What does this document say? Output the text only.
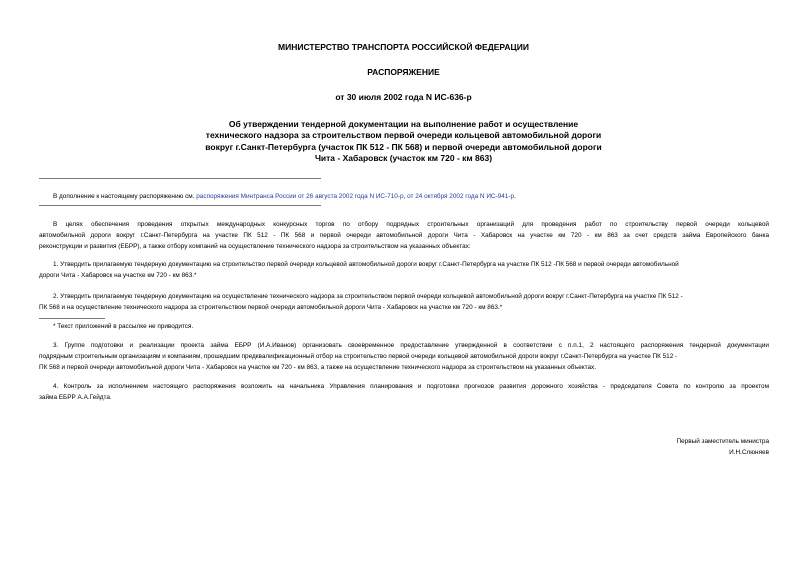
МИНИСТЕРСТВО ТРАНСПОРТА РОССИЙСКОЙ ФЕДЕРАЦИИ
РАСПОРЯЖЕНИЕ
от 30 июля 2002 года N ИС-636-р
Об утверждении тендерной документации на выполнение работ и осуществление
технического надзора за строительством первой очереди кольцевой автомобильной дороги
вокруг г.Санкт-Петербурга (участок ПК 512 - ПК 568) и первой очереди автомобильной дороги
Чита - Хабаровск (участок км 720 - км 863)
В дополнение к настоящему распоряжению см. распоряжения Минтранса России от 26 августа 2002 года N ИС-710-р, от 24 октября 2002 года N ИС-941-р.
В целях обеспечения проведения открытых международных конкурсных торгов по отбору подрядных строительных организаций для проведения работ по строительству первой очереди кольцевой
автомобильной дороги вокруг г.Санкт-Петербурга на участке ПК 512 - ПК 568 и первой очереди автомобильной дороги Чита - Хабаровск на участке км 720 - км 863 за счет средств займа Европейского банка
реконструкции и развития (ЕБРР), а также отбору компаний на осуществление технического надзора за строительством на указанных объектах:
1. Утвердить прилагаемую тендерную документацию на строительство первой очереди кольцевой автомобильной дороги вокруг г.Санкт-Петербурга на участке ПК 512 -ПК 568 и первой очереди автомобильной
дороги Чита - Хабаровск на участке км 720 - км 863.*
2. Утвердить прилагаемую тендерную документацию на осуществление технического надзора за строительством первой очереди кольцевой автомобильной дороги вокруг г.Санкт-Петербурга на участке ПК 512 -
ПК 568 и на осуществление технического надзора за строительством первой очереди автомобильной дороги Чита - Хабаровск на участке км 720 - км 863.*
* Текст приложений в рассылке не приводится.
3. Группе подготовки и реализации проекта займа ЕБРР (И.А.Иванов) организовать своевременное предоставление утвержденной в соответствии с п.п.1, 2 настоящего распоряжения тендерной документации
подрядным строительным организациям и компаниям, прошедшим предквалификационный отбор на строительство первой очереди кольцевой автомобильной дороги вокруг г.Санкт-Петербурга на участке ПК 512 -
ПК 568 и первой очереди автомобильной дороги Чита - Хабаровск на участке км 720 - км 863, а также на осуществление технического надзора за строительством на указанных объектах.
4. Контроль за исполнением настоящего распоряжения возложить на начальника Управления планирования и подготовки прогнозов развития дорожного хозяйства - председателя Совета по контролю за проектом
займа ЕБРР А.А.Гейдта.
Первый заместитель министра
И.Н.Слюняев
